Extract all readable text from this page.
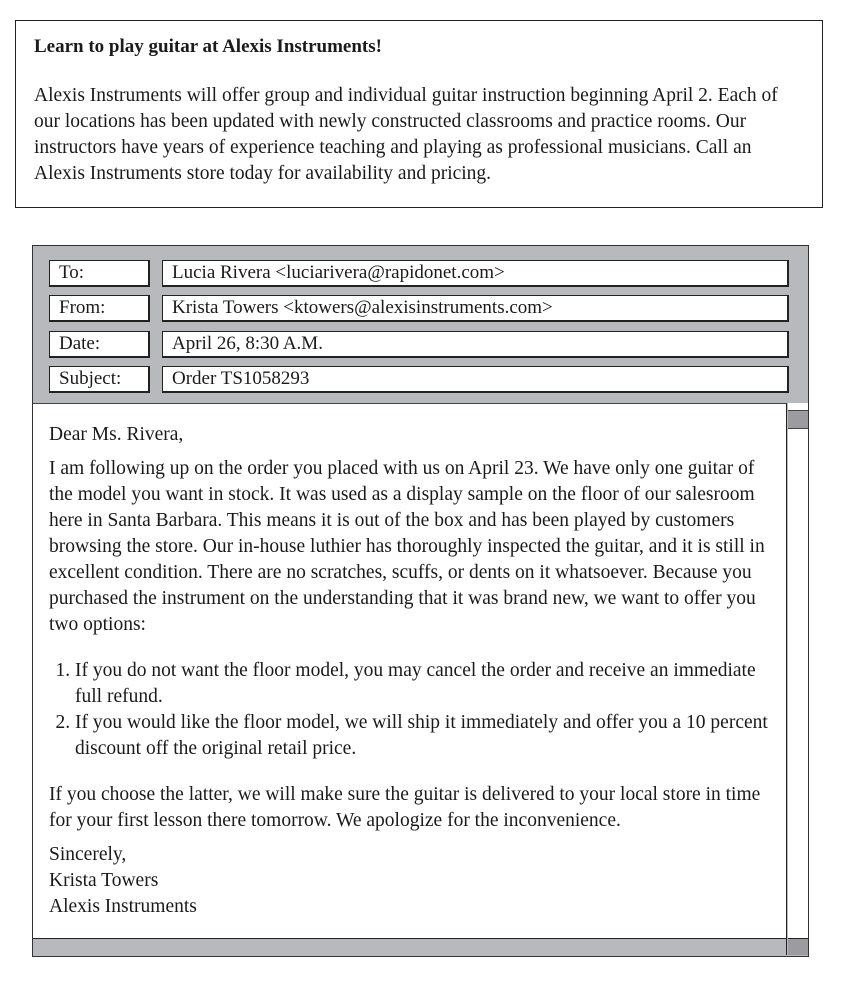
Learn to play guitar at Alexis Instruments!

Alexis Instruments will offer group and individual guitar instruction beginning April 2. Each of our locations has been updated with newly constructed classrooms and practice rooms. Our instructors have years of experience teaching and playing as professional musicians. Call an Alexis Instruments store today for availability and pricing.

To:	Lucia Rivera <luciarivera@rapidonet.com>
From:	Krista Towers <ktowers@alexisinstruments.com>
Date:	April 26, 8:30 A.M.
Subject:	Order TS1058293

Dear Ms. Rivera,

I am following up on the order you placed with us on April 23. We have only one guitar of the model you want in stock. It was used as a display sample on the floor of our salesroom here in Santa Barbara. This means it is out of the box and has been played by customers browsing the store. Our in-house luthier has thoroughly inspected the guitar, and it is still in excellent condition. There are no scratches, scuffs, or dents on it whatsoever. Because you purchased the instrument on the understanding that it was brand new, we want to offer you two options:

1. If you do not want the floor model, you may cancel the order and receive an immediate full refund.
2. If you would like the floor model, we will ship it immediately and offer you a 10 percent discount off the original retail price.

If you choose the latter, we will make sure the guitar is delivered to your local store in time for your first lesson there tomorrow. We apologize for the inconvenience.

Sincerely,

Krista Towers

Alexis Instruments
